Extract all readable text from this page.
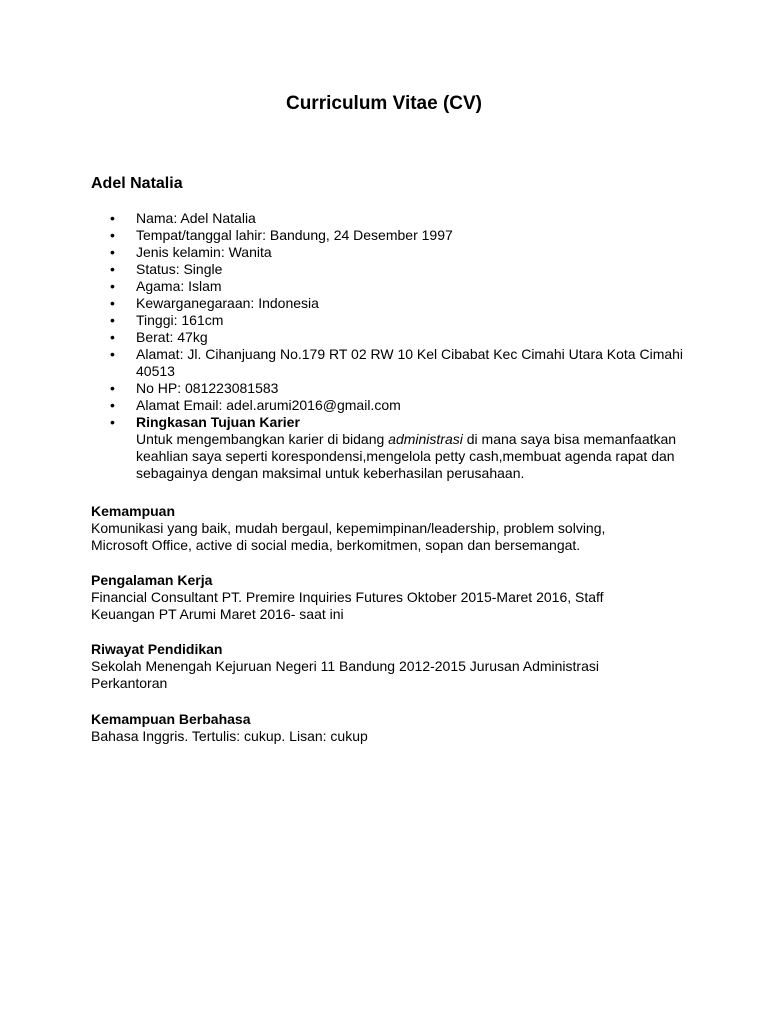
Curriculum Vitae (CV)
Adel Natalia
• Nama: Adel Natalia
• Tempat/tanggal lahir: Bandung, 24 Desember 1997
• Jenis kelamin: Wanita
• Status: Single
• Agama: Islam
• Kewarganegaraan: Indonesia
• Tinggi: 161cm
• Berat: 47kg
• Alamat: Jl. Cihanjuang No.179 RT 02 RW 10 Kel Cibabat Kec Cimahi Utara Kota Cimahi 40513
• No HP: 081223081583
• Alamat Email: adel.arumi2016@gmail.com
• Ringkasan Tujuan Karier
Untuk mengembangkan karier di bidang administrasi di mana saya bisa memanfaatkan keahlian saya seperti korespondensi,mengelola petty cash,membuat agenda rapat dan sebagainya dengan maksimal untuk keberhasilan perusahaan.
Kemampuan
Komunikasi yang baik, mudah bergaul, kepemimpinan/leadership, problem solving, Microsoft Office, active di social media, berkomitmen, sopan dan bersemangat.
Pengalaman Kerja
Financial Consultant PT. Premire Inquiries Futures Oktober 2015-Maret 2016, Staff Keuangan PT Arumi Maret 2016- saat ini
Riwayat Pendidikan
Sekolah Menengah Kejuruan Negeri 11 Bandung 2012-2015 Jurusan Administrasi Perkantoran
Kemampuan Berbahasa
Bahasa Inggris. Tertulis: cukup. Lisan: cukup
